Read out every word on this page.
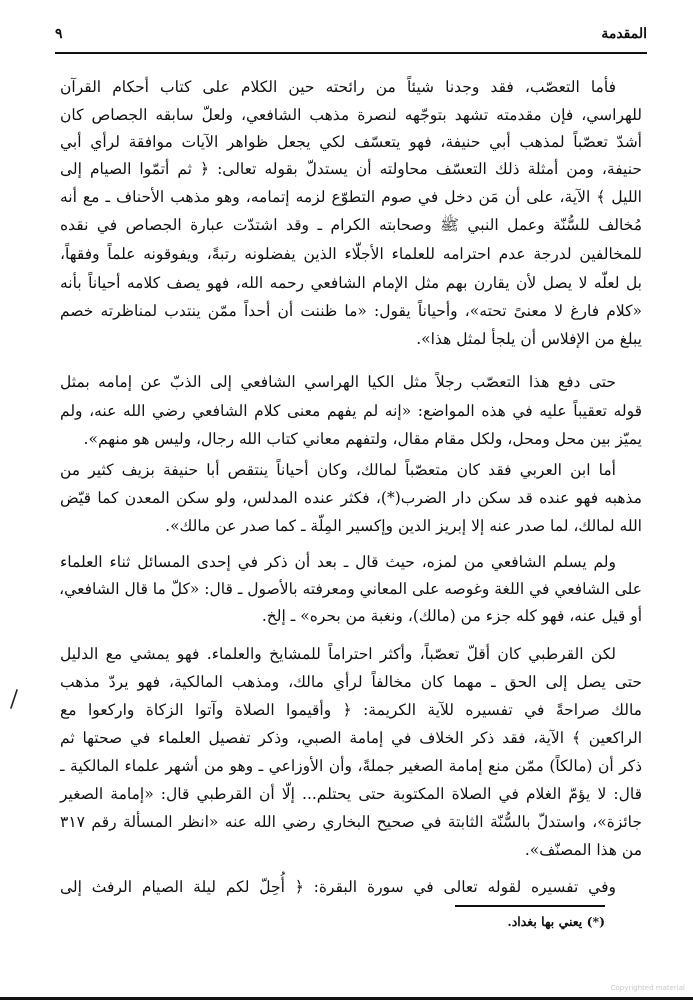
المقدمة
٩
فأما التعصّب، فقد وجدنا شيئاً من رائحته حين الكلام على كتاب أحكام القرآن
للهراسي، فإن مقدمته تشهد بتوجّهه لنصرة مذهب الشافعي، ولعلّ سابقه الجصاص كان
أشدّ تعصّباً لمذهب أبي حنيفة، فهو يتعسّف لكي يجعل ظواهر الآيات موافقة لرأي أبي
حنيفة، ومن أمثلة ذلك التعسّف محاولته أن يستدلّ بقوله تعالى: ﴿ ثم أتمّوا الصيام إلى
الليل ﴾ الآية، على أن مَن دخل في صوم التطوّع لزمه إتمامه، وهو مذهب الأحناف ـ مع أنه
مُخالف للسُّنّة وعمل النبي ﷺ وصحابته الكرام ـ وقد اشتدّت عبارة الجصاص في نقده
للمخالفين لدرجة عدم احترامه للعلماء الأجلّاء الذين يفضلونه رتبةً، ويفوقونه علماً وفقهاً،
بل لعلّه لا يصل لأن يقارن بهم مثل الإمام الشافعي رحمه الله، فهو يصف كلامه أحياناً بأنه
«كلام فارغ لا معنىً تحته»، وأحياناً يقول: «ما ظننت أن أحداً ممّن ينتدب لمناظرته خصم
يبلغ من الإفلاس أن يلجأ لمثل هذا».
حتى دفع هذا التعصّب رجلاً مثل الكيا الهراسي الشافعي إلى الذبّ عن إمامه بمثل
قوله تعقيباً عليه في هذه المواضع: «إنه لم يفهم معنى كلام الشافعي رضي الله عنه، ولم
يميّز بين محل ومحل، ولكل مقام مقال، ولتفهم معاني كتاب الله رجال، وليس هو منهم».
أما ابن العربي فقد كان متعصّباً لمالك، وكان أحياناً ينتقص أبا حنيفة بزيف كثير من
مذهبه فهو عنده قد سكن دار الضرب(*)، فكثر عنده المدلس، ولو سكن المعدن كما قيّض
الله لمالك، لما صدر عنه إلا إبريز الدين وإكسير المِلّة ـ كما صدر عن مالك».
ولم يسلم الشافعي من لمزه، حيث قال ـ بعد أن ذكر في إحدى المسائل ثناء العلماء
على الشافعي في اللغة وغوصه على المعاني ومعرفته بالأصول ـ قال: «كلّ ما قال الشافعي،
أو قيل عنه، فهو كله جزء من (مالك)، ونغبة من بحره» ـ إلخ.
لكن القرطبي كان أقلّ تعصّباً، وأكثر احتراماً للمشايخ والعلماء. فهو يمشي مع الدليل
حتى يصل إلى الحق ـ مهما كان مخالفاً لرأي مالك، ومذهب المالكية، فهو يردّ مذهب
مالك صراحةً في تفسيره للآية الكريمة: ﴿ وأقيموا الصلاة وآتوا الزكاة واركعوا مع
الراكعين ﴾ الآية، فقد ذكر الخلاف في إمامة الصبي، وذكر تفصيل العلماء في صحتها ثم
ذكر أن (مالكاً) ممّن منع إمامة الصغير جملةً، وأن الأوزاعي ـ وهو من أشهر علماء المالكية ـ
قال: لا يؤمّ الغلام في الصلاة المكتوبة حتى يحتلم... إلّا أن القرطبي قال: «إمامة الصغير
جائزة»، واستدلّ بالسُّنّة الثابتة في صحيح البخاري رضي الله عنه «انظر المسألة رقم ٣١٧
من هذا المصنّف».
وفي تفسيره لقوله تعالى في سورة البقرة: ﴿ أُحِلّ لكم ليلة الصيام الرفث إلى
(*) يعني بها بغداد.
Copyrighted material
